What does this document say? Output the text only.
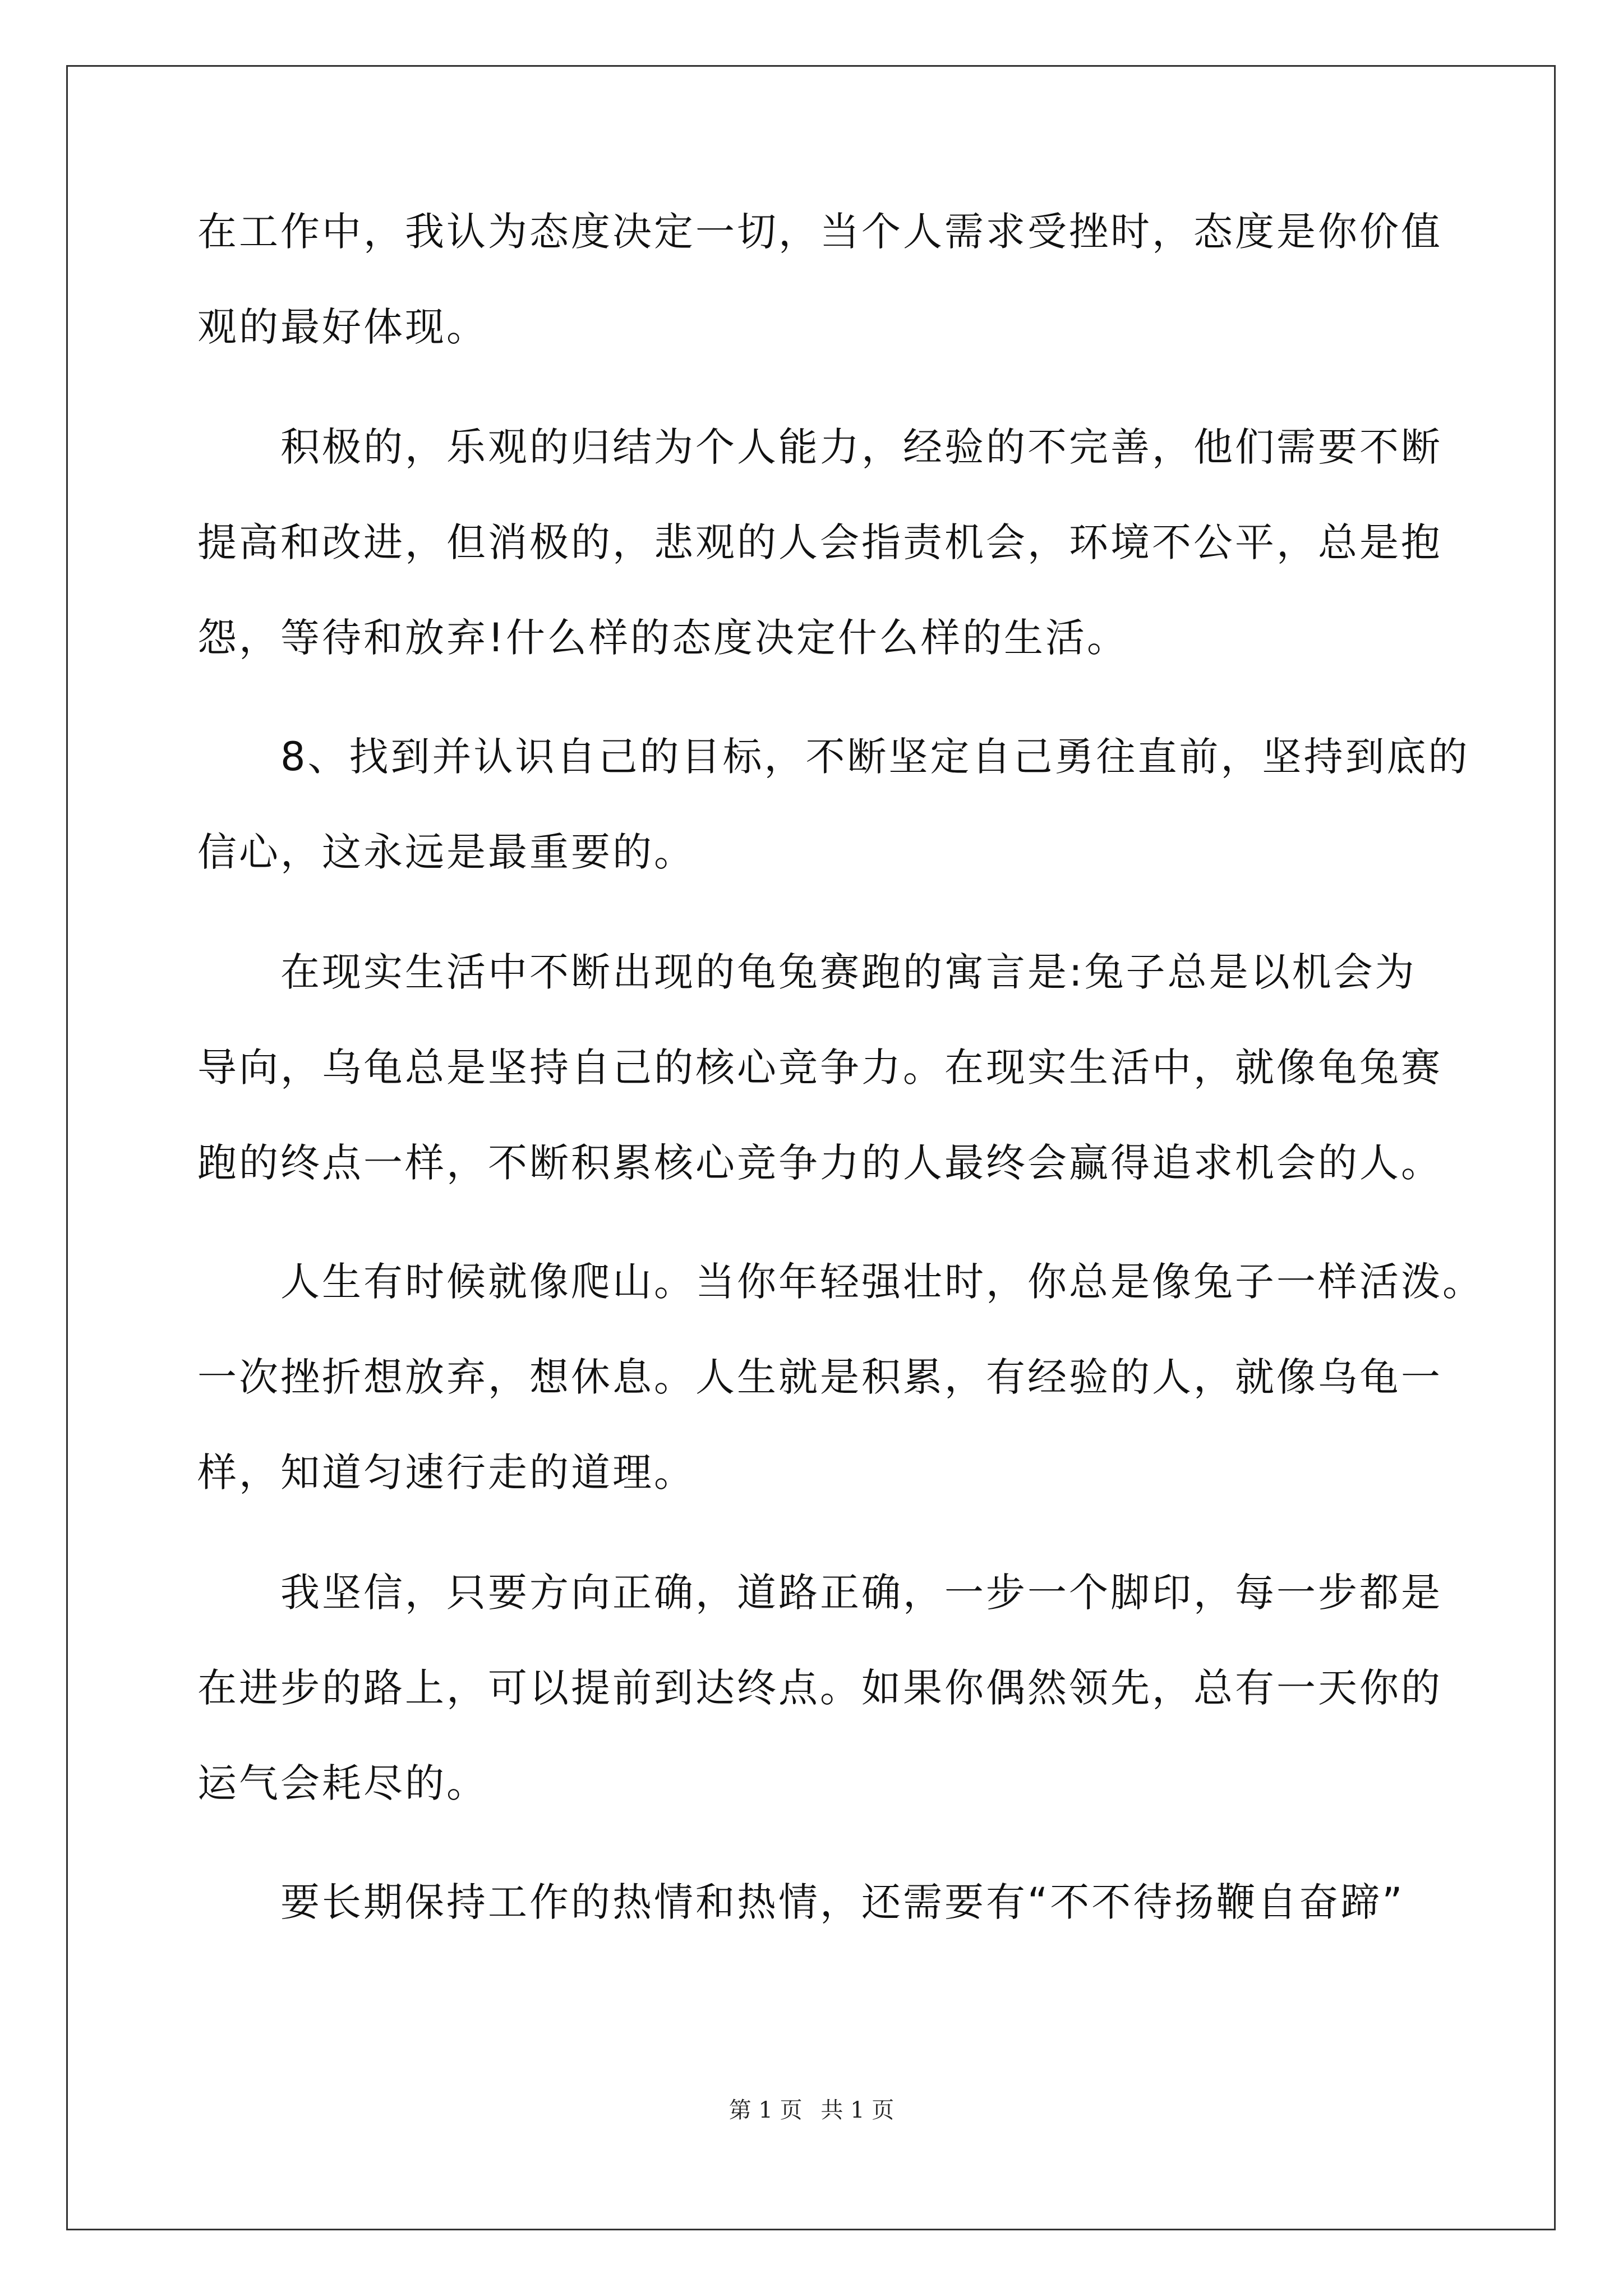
在工作中，我认为态度决定一切，当个人需求受挫时，态度是你价值
观的最好体现。
　　积极的，乐观的归结为个人能力，经验的不完善，他们需要不断
提高和改进，但消极的，悲观的人会指责机会，环境不公平，总是抱
怨，等待和放弃!什么样的态度决定什么样的生活。
　　8、找到并认识自己的目标，不断坚定自己勇往直前，坚持到底的
信心，这永远是最重要的。
　　在现实生活中不断出现的龟兔赛跑的寓言是:兔子总是以机会为
导向，乌龟总是坚持自己的核心竞争力。在现实生活中，就像龟兔赛
跑的终点一样，不断积累核心竞争力的人最终会赢得追求机会的人。
　　人生有时候就像爬山。当你年轻强壮时，你总是像兔子一样活泼。
一次挫折想放弃，想休息。人生就是积累，有经验的人，就像乌龟一
样，知道匀速行走的道理。
　　我坚信，只要方向正确，道路正确，一步一个脚印，每一步都是
在进步的路上，可以提前到达终点。如果你偶然领先，总有一天你的
运气会耗尽的。
　　要长期保持工作的热情和热情，还需要有“不不待扬鞭自奋蹄”
第 1 页 共 1 页
